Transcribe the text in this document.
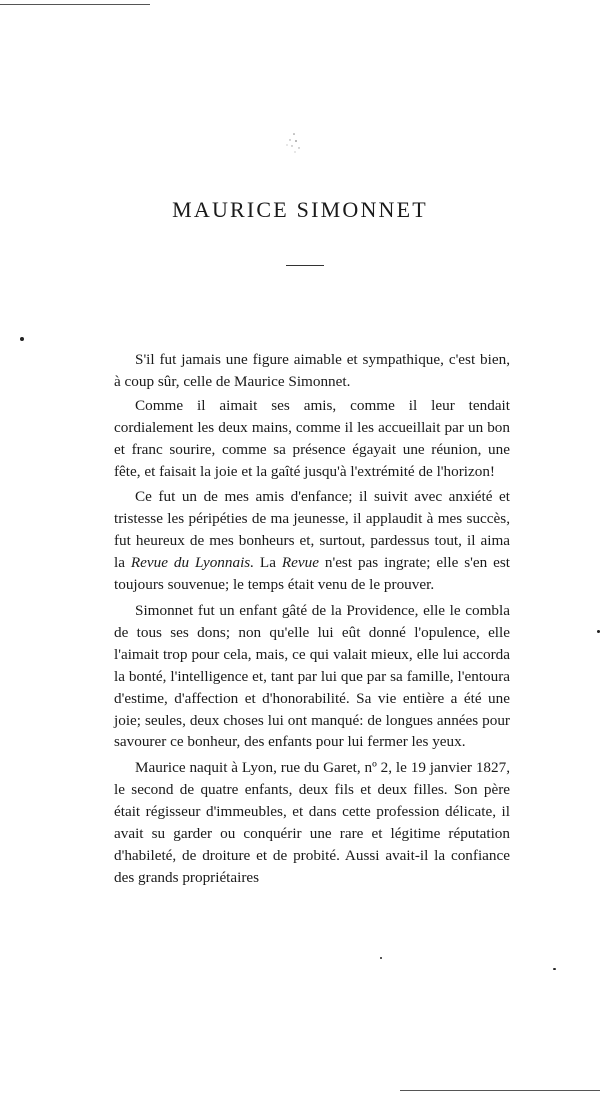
MAURICE SIMONNET

S'il fut jamais une figure aimable et sympathique, c'est bien, à coup sûr, celle de Maurice Simonnet.

Comme il aimait ses amis, comme il leur tendait cordialement les deux mains, comme il les accueillait par un bon et franc sourire, comme sa présence égayait une réunion, une fête, et faisait la joie et la gaîté jusqu'à l'extrémité de l'horizon!

Ce fut un de mes amis d'enfance; il suivit avec anxiété et tristesse les péripéties de ma jeunesse, il applaudit à mes succès, fut heureux de mes bonheurs et, surtout, pardessus tout, il aima la Revue du Lyonnais. La Revue n'est pas ingrate; elle s'en est toujours souvenue; le temps était venu de le prouver.

Simonnet fut un enfant gâté de la Providence, elle le combla de tous ses dons; non qu'elle lui eût donné l'opulence, elle l'aimait trop pour cela, mais, ce qui valait mieux, elle lui accorda la bonté, l'intelligence et, tant par lui que par sa famille, l'entoura d'estime, d'affection et d'honorabilité. Sa vie entière a été une joie; seules, deux choses lui ont manqué: de longues années pour savourer ce bonheur, des enfants pour lui fermer les yeux.

Maurice naquit à Lyon, rue du Garet, nº 2, le 19 janvier 1827, le second de quatre enfants, deux fils et deux filles. Son père était régisseur d'immeubles, et dans cette profession délicate, il avait su garder ou conquérir une rare et légitime réputation d'habileté, de droiture et de probité. Aussi avait-il la confiance des grands propriétaires
